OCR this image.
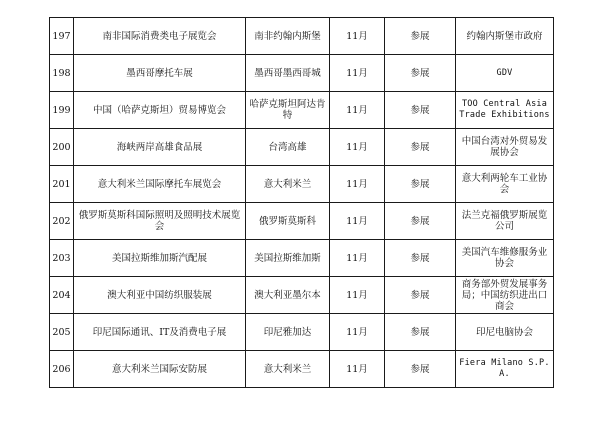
197	南非国际消费类电子展览会	南非约翰内斯堡	11月	参展	约翰内斯堡市政府
198	墨西哥摩托车展	墨西哥墨西哥城	11月	参展	GDV
199	中国（哈萨克斯坦）贸易博览会	哈萨克斯坦阿达肯特	11月	参展	TOO Central Asia Trade Exhibitions
200	海峡两岸高雄食品展	台湾高雄	11月	参展	中国台湾对外贸易发展协会
201	意大利米兰国际摩托车展览会	意大利米兰	11月	参展	意大利两轮车工业协会
202	俄罗斯莫斯科国际照明及照明技术展览会	俄罗斯莫斯科	11月	参展	法兰克福俄罗斯展览公司
203	美国拉斯维加斯汽配展	美国拉斯维加斯	11月	参展	美国汽车维修服务业协会
204	澳大利亚中国纺织服装展	澳大利亚墨尔本	11月	参展	商务部外贸发展事务局；中国纺织进出口商会
205	印尼国际通讯、IT及消费电子展	印尼雅加达	11月	参展	印尼电脑协会
206	意大利米兰国际安防展	意大利米兰	11月	参展	Fiera Milano S.P.A.
